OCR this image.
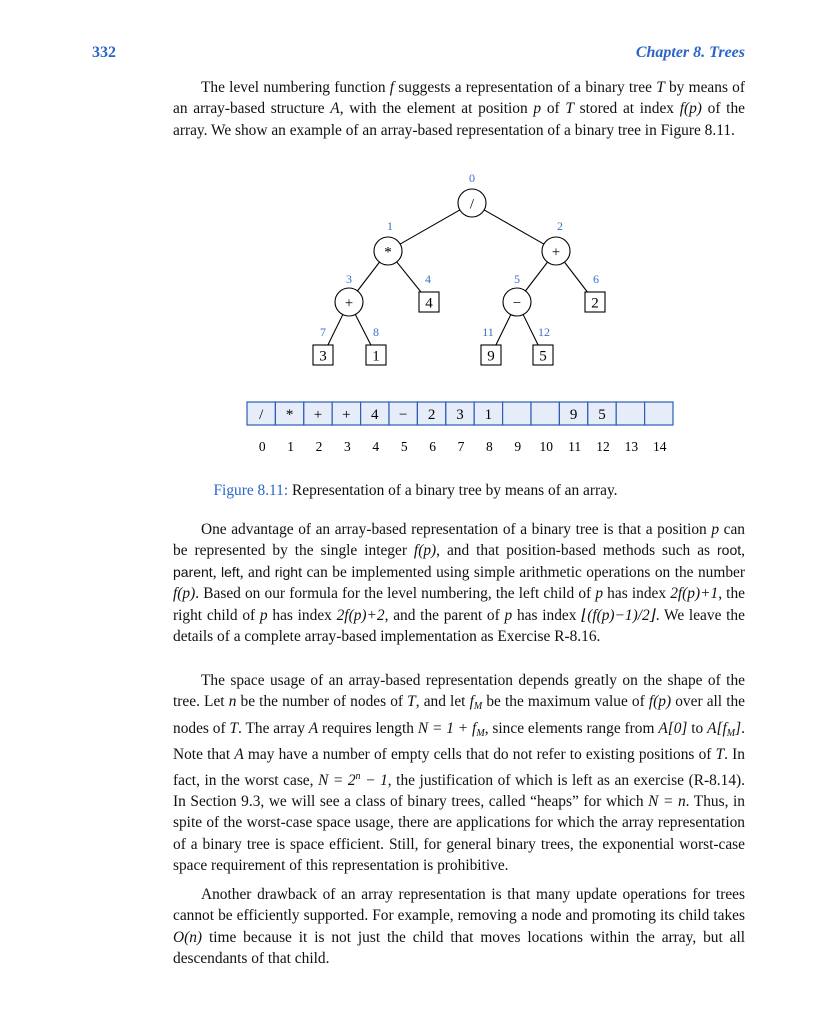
332	Chapter 8. Trees

The level numbering function f suggests a representation of a binary tree T by means of an array-based structure A, with the element at position p of T stored at index f(p) of the array. We show an example of an array-based representation of a binary tree in Figure 8.11.

/
0
*
1
+
2
+
3
4
4
−
5
2
6
3
7
1
8
9
11
5
12
/ * + + 4 − 2 3 1	9 5
0 1 2 3 4 5 6 7 8 9 10 11 12 13 14

Figure 8.11: Representation of a binary tree by means of an array.

One advantage of an array-based representation of a binary tree is that a position p can be represented by the single integer f(p), and that position-based methods such as root, parent, left, and right can be implemented using simple arithmetic operations on the number f(p). Based on our formula for the level numbering, the left child of p has index 2f(p)+1, the right child of p has index 2f(p)+2, and the parent of p has index ⌊(f(p)−1)/2⌋. We leave the details of a complete array-based implementation as Exercise R-8.16.

The space usage of an array-based representation depends greatly on the shape of the tree. Let n be the number of nodes of T, and let $f_M$ be the maximum value of f(p) over all the nodes of T. The array A requires length $N = 1 + f_M$, since elements range from A[0] to $A[f_M]$. Note that A may have a number of empty cells that do not refer to existing positions of T. In fact, in the worst case, $N = 2^n - 1$, the justification of which is left as an exercise (R-8.14). In Section 9.3, we will see a class of binary trees, called “heaps” for which N = n. Thus, in spite of the worst-case space usage, there are applications for which the array representation of a binary tree is space efficient. Still, for general binary trees, the exponential worst-case space requirement of this representation is prohibitive.

Another drawback of an array representation is that many update operations for trees cannot be efficiently supported. For example, removing a node and promoting its child takes O(n) time because it is not just the child that moves locations within the array, but all descendants of that child.
